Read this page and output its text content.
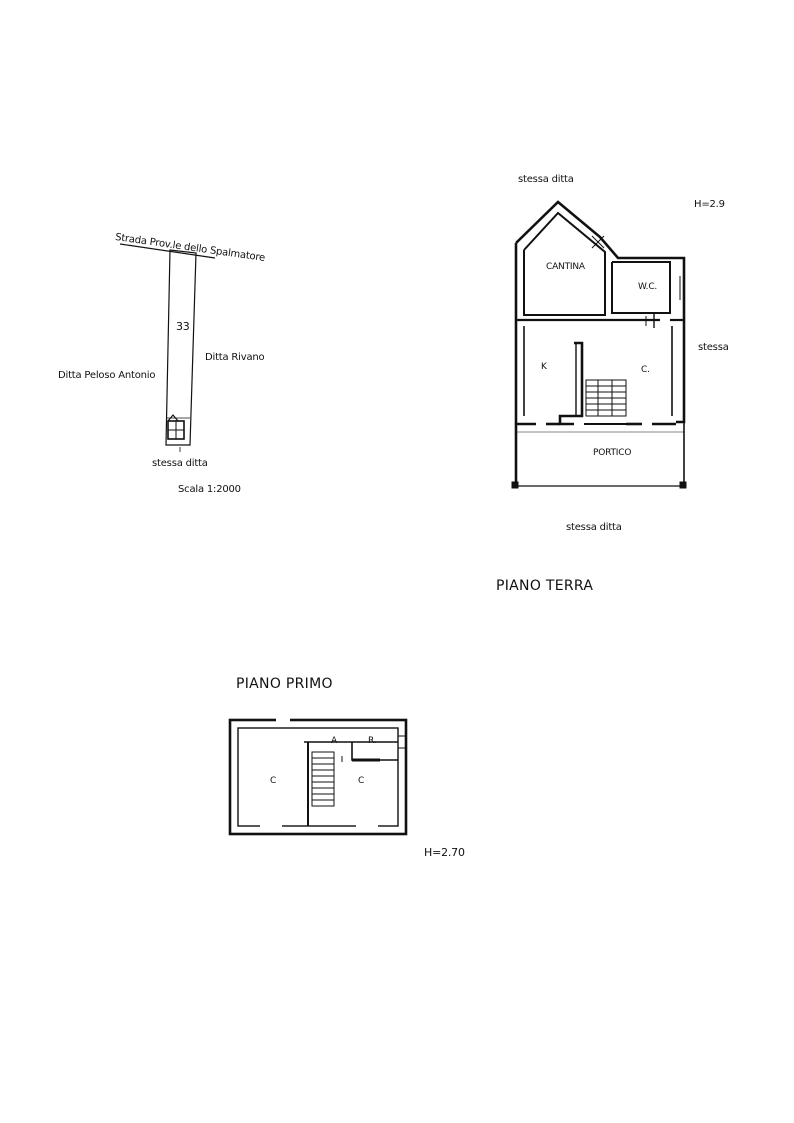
Strada Prov.le dello Spalmatore
33
Ditta Rivano
Ditta Peloso Antonio
stessa ditta
Scala 1:2000
stessa ditta
H=2.9
CANTINA
W.C.
stessa
K	C.
PORTICO
stessa ditta
PIANO TERRA
PIANO PRIMO
A	R.
C	C
H=2.70
